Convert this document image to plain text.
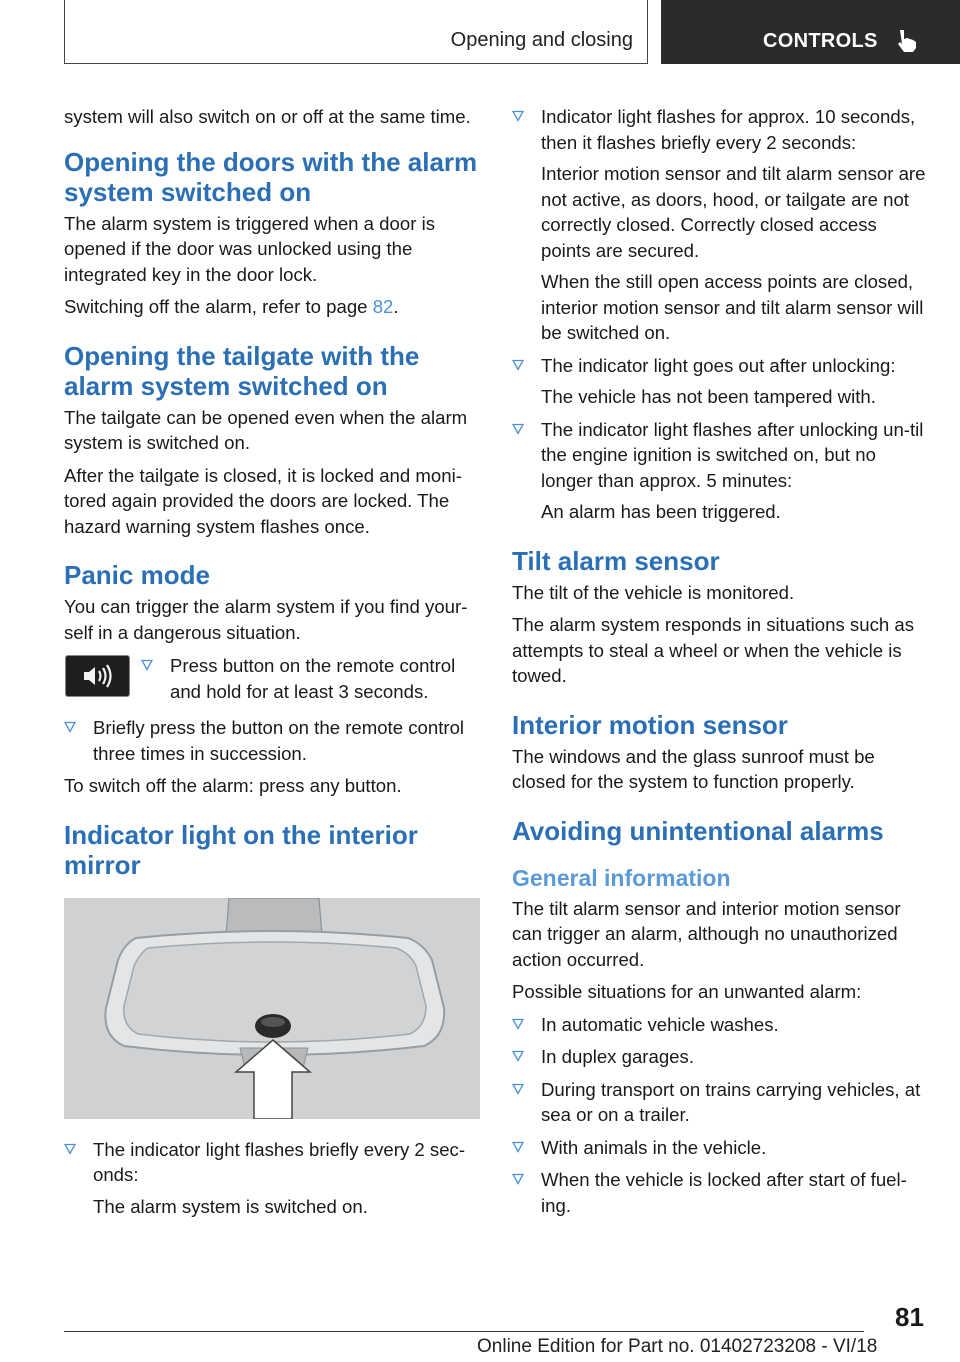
Opening and closing	CONTROLS

system will also switch on or off at the same time.

Opening the doors with the alarm system switched on

The alarm system is triggered when a door is opened if the door was unlocked using the integrated key in the door lock.

Switching off the alarm, refer to page 82.

Opening the tailgate with the alarm system switched on

The tailgate can be opened even when the alarm system is switched on.

After the tailgate is closed, it is locked and moni‐tored again provided the doors are locked. The hazard warning system flashes once.

Panic mode

You can trigger the alarm system if you find your‐self in a dangerous situation.

Press button on the remote control and hold for at least 3 seconds.
Briefly press the button on the remote control three times in succession.

To switch off the alarm: press any button.

Indicator light on the interior mirror
The indicator light flashes briefly every 2 sec‐onds:

The alarm system is switched on.

Indicator light flashes for approx. 10 seconds, then it flashes briefly every 2 seconds:

Interior motion sensor and tilt alarm sensor are not active, as doors, hood, or tailgate are not correctly closed. Correctly closed access points are secured.

When the still open access points are closed, interior motion sensor and tilt alarm sensor will be switched on.

The indicator light goes out after unlocking:

The vehicle has not been tampered with.

The indicator light flashes after unlocking un‐til the engine ignition is switched on, but no longer than approx. 5 minutes:

An alarm has been triggered.

Tilt alarm sensor

The tilt of the vehicle is monitored.

The alarm system responds in situations such as attempts to steal a wheel or when the vehicle is towed.

Interior motion sensor

The windows and the glass sunroof must be closed for the system to function properly.

Avoiding unintentional alarms
General information

The tilt alarm sensor and interior motion sensor can trigger an alarm, although no unauthorized action occurred.

Possible situations for an unwanted alarm:

In automatic vehicle washes.
In duplex garages.
During transport on trains carrying vehicles, at sea or on a trailer.
With animals in the vehicle.
When the vehicle is locked after start of fuel‐ing.
81
Online Edition for Part no. 01402723208 - VI/18
